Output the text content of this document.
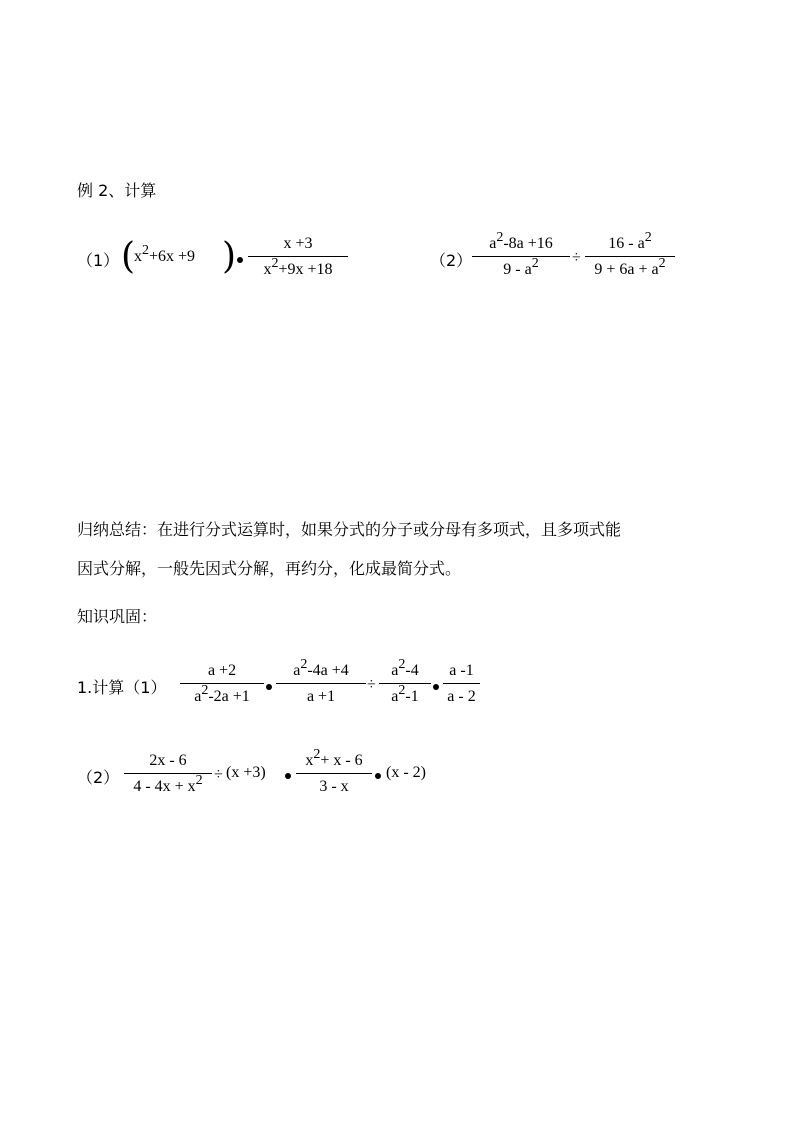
例 2、计算
（1） (
$x^2+6x +9$ )	x +3
$x^2+9x +18$	（2）
$a^2-8a +16$
$9 - a^2$	÷
$16 - a^2$
$9 + 6a + a^2$
归纳总结：在进行分式运算时，如果分式的分子或分母有多项式，且多项式能
因式分解，一般先因式分解，再约分，化成最简分式。
知识巩固：
1.计算（1）
a +2
$a^2-2a +1$
$a^2-4a +4$
a +1
÷
$a^2-4$
$a^2-1$
a -1
a - 2
（2）
2x - 6
$4 - 4x + x^2 \div (x +3)$
$x^2+ x - 6$
3 - x
(x - 2)
